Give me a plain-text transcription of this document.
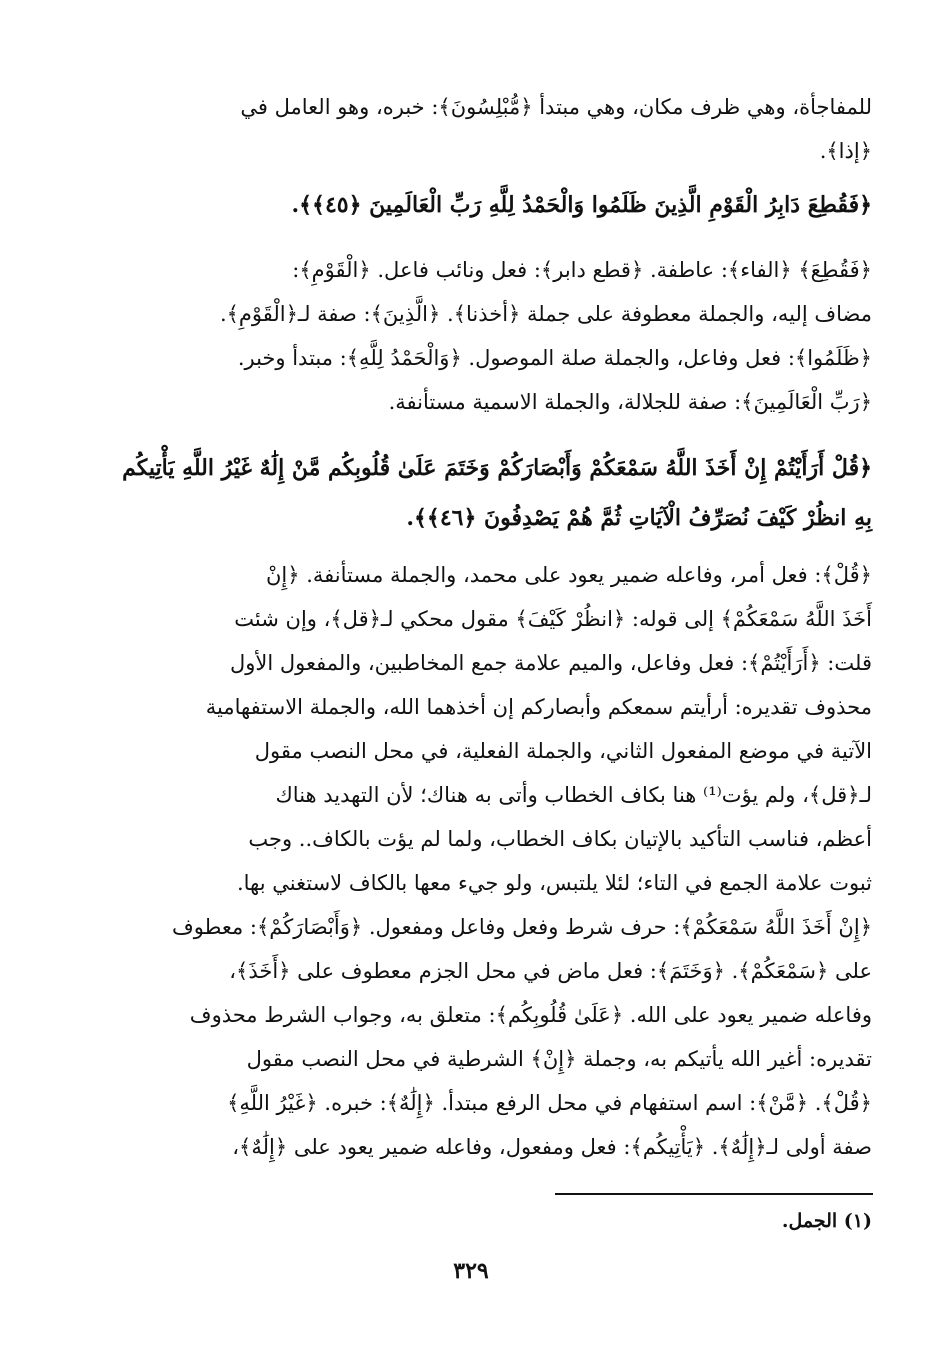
للمفاجأة، وهي ظرف مكان، وهي مبتدأ ﴿مُّبْلِسُونَ﴾: خبره، وهو العامل في

﴿إذا﴾.

﴿فَقُطِعَ دَابِرُ الْقَوْمِ الَّذِينَ ظَلَمُوا وَالْحَمْدُ لِلَّهِ رَبِّ الْعَالَمِينَ ﴿٤٥﴾﴾.

﴿فَقُطِعَ﴾ ﴿الفاء﴾: عاطفة. ﴿قطع دابر﴾: فعل ونائب فاعل. ﴿الْقَوْمِ﴾:

مضاف إليه، والجملة معطوفة على جملة ﴿أخذنا﴾. ﴿الَّذِينَ﴾: صفة لـ﴿الْقَوْمِ﴾.

﴿ظَلَمُوا﴾: فعل وفاعل، والجملة صلة الموصول. ﴿وَالْحَمْدُ لِلَّهِ﴾: مبتدأ وخبر.

﴿رَبِّ الْعَالَمِينَ﴾: صفة للجلالة، والجملة الاسمية مستأنفة.

﴿قُلْ أَرَأَيْتُمْ إِنْ أَخَذَ اللَّهُ سَمْعَكُمْ وَأَبْصَارَكُمْ وَخَتَمَ عَلَىٰ قُلُوبِكُم مَّنْ إِلَٰهٌ غَيْرُ اللَّهِ يَأْتِيكُم

بِهِ انظُرْ كَيْفَ نُصَرِّفُ الْآيَاتِ ثُمَّ هُمْ يَصْدِفُونَ ﴿٤٦﴾﴾.

﴿قُلْ﴾: فعل أمر، وفاعله ضمير يعود على محمد، والجملة مستأنفة. ﴿إِنْ

أَخَذَ اللَّهُ سَمْعَكُمْ﴾ إلى قوله: ﴿انظُرْ كَيْفَ﴾ مقول محكي لـ﴿قل﴾، وإن شئت

قلت: ﴿أَرَأَيْتُمْ﴾: فعل وفاعل، والميم علامة جمع المخاطبين، والمفعول الأول

محذوف تقديره: أرأيتم سمعكم وأبصاركم إن أخذهما الله، والجملة الاستفهامية

الآتية في موضع المفعول الثاني، والجملة الفعلية، في محل النصب مقول

لـ﴿قل﴾، ولم يؤت⁽¹⁾ هنا بكاف الخطاب وأتى به هناك؛ لأن التهديد هناك

أعظم، فناسب التأكيد بالإتيان بكاف الخطاب، ولما لم يؤت بالكاف.. وجب

ثبوت علامة الجمع في التاء؛ لئلا يلتبس، ولو جيء معها بالكاف لاستغني بها.

﴿إِنْ أَخَذَ اللَّهُ سَمْعَكُمْ﴾: حرف شرط وفعل وفاعل ومفعول. ﴿وَأَبْصَارَكُمْ﴾: معطوف

على ﴿سَمْعَكُمْ﴾. ﴿وَخَتَمَ﴾: فعل ماض في محل الجزم معطوف على ﴿أَخَذَ﴾،

وفاعله ضمير يعود على الله. ﴿عَلَىٰ قُلُوبِكُم﴾: متعلق به، وجواب الشرط محذوف

تقديره: أغير الله يأتيكم به، وجملة ﴿إِنْ﴾ الشرطية في محل النصب مقول

﴿قُلْ﴾. ﴿مَّنْ﴾: اسم استفهام في محل الرفع مبتدأ. ﴿إِلَٰهٌ﴾: خبره. ﴿غَيْرُ اللَّهِ﴾

صفة أولى لـ﴿إِلَٰهٌ﴾. ﴿يَأْتِيكُم﴾: فعل ومفعول، وفاعله ضمير يعود على ﴿إِلَٰهٌ﴾،

(١) الجمل.
٣٢٩
